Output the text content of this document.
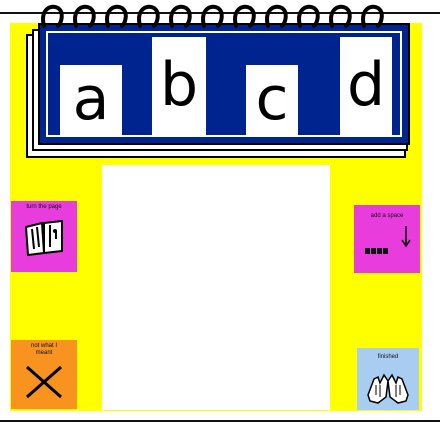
a b c d
turn the page
add a space
not what I meant
finished
